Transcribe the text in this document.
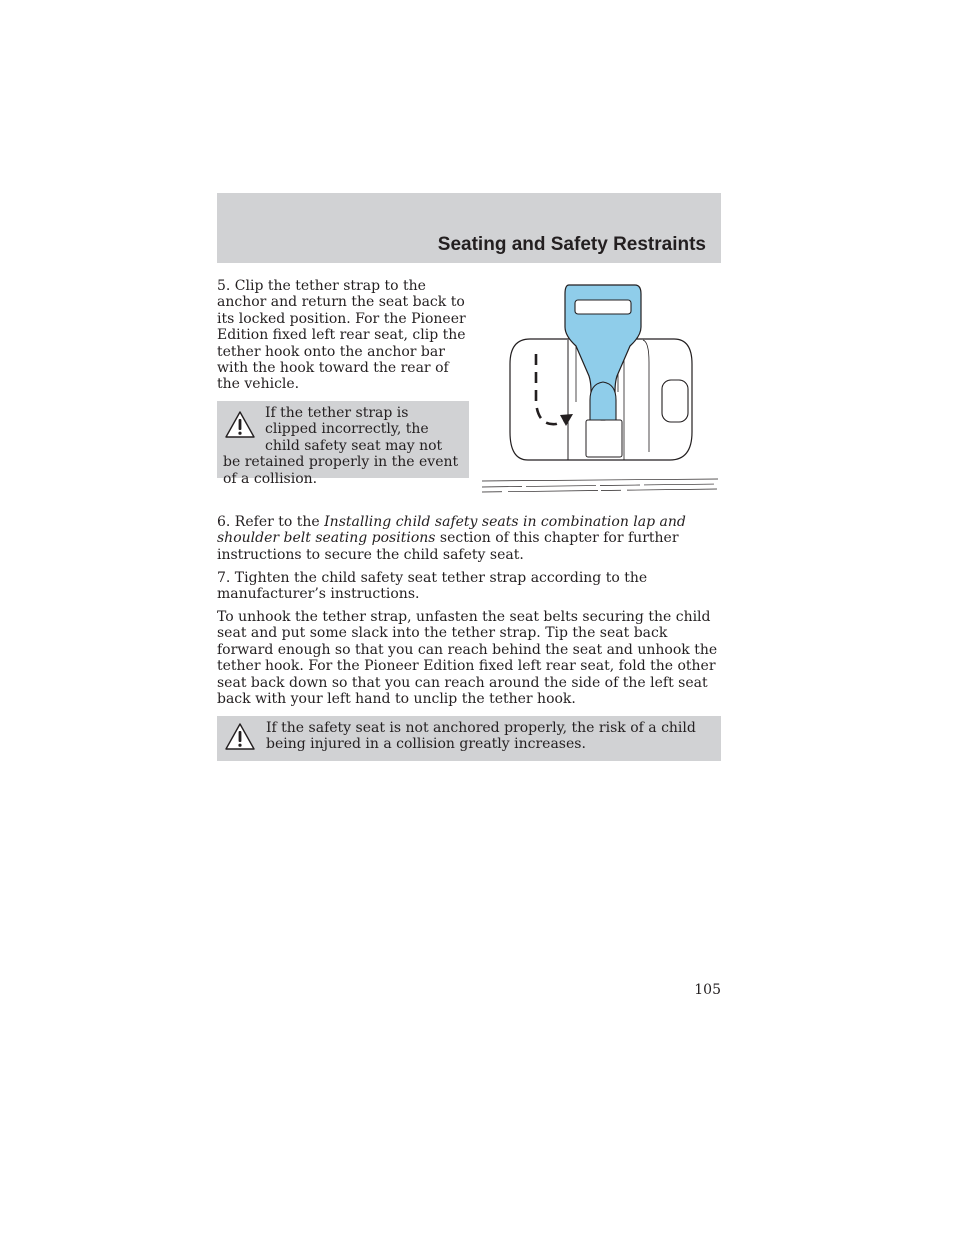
Seating and Safety Restraints
5. Clip the tether strap to the anchor and return the seat back to its locked position. For the Pioneer Edition fixed left rear seat, clip the tether hook onto the anchor bar with the hook toward the rear of the vehicle.
If the tether strap is clipped incorrectly, the child safety seat may not be retained properly in the event of a collision.

6. Refer to the Installing child safety seats in combination lap and shoulder belt seating positions section of this chapter for further instructions to secure the child safety seat.

7. Tighten the child safety seat tether strap according to the manufacturer’s instructions.

To unhook the tether strap, unfasten the seat belts securing the child seat and put some slack into the tether strap. Tip the seat back forward enough so that you can reach behind the seat and unhook the tether hook. For the Pioneer Edition fixed left rear seat, fold the other seat back down so that you can reach around the side of the left seat back with your left hand to unclip the tether hook.

If the safety seat is not anchored properly, the risk of a child being injured in a collision greatly increases.
105
